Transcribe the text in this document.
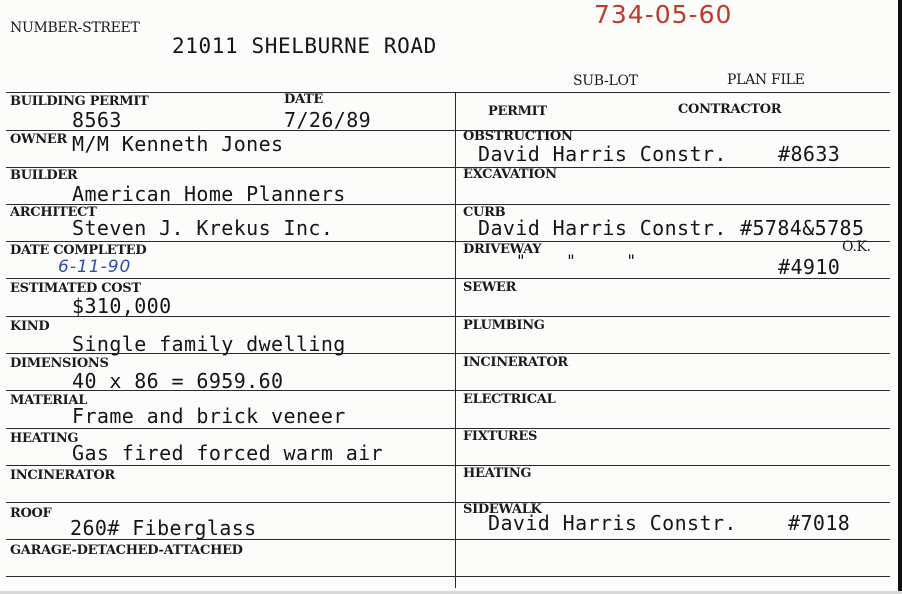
NUMBER-STREET
21011 SHELBURNE ROAD
734-05-60
SUB-LOT	PLAN FILE
BUILDING PERMIT
8563
DATE
7/26/89
OWNER M/M Kenneth Jones
BUILDER
American Home Planners
ARCHITECT
Steven J. Krekus Inc.
DATE COMPLETED
6-11-90
ESTIMATED COST
$310,000
KIND
Single family dwelling
DIMENSIONS
40 x 86 = 6959.60
MATERIAL
Frame and brick veneer
HEATING
Gas fired forced warm air
INCINERATOR
ROOF
260# Fiberglass
GARAGE-DETACHED-ATTACHED
PERMIT	CONTRACTOR
OBSTRUCTION
David Harris Constr.	#8633
EXCAVATION
CURB
David Harris Constr. #5784&5785
DRIVEWAY
"    "     "	#4910
O.K.
SEWER
PLUMBING
INCINERATOR
ELECTRICAL
FIXTURES
HEATING
SIDEWALK
David Harris Constr.	#7018
